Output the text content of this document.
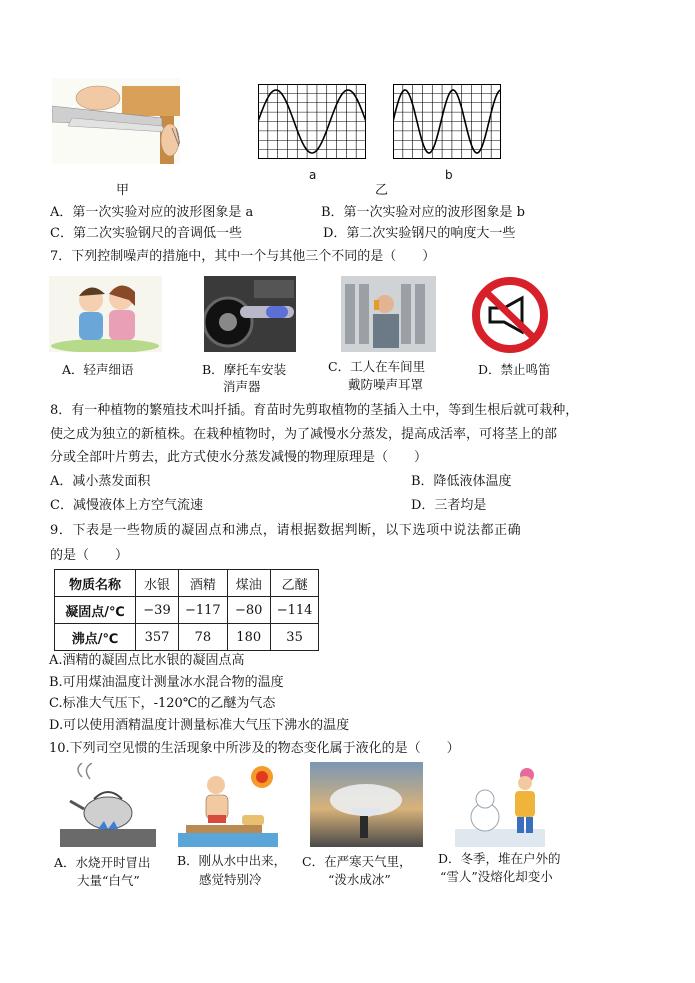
甲
a
乙
b
A．第一次实验对应的波形图象是 a	B．第一次实验对应的波形图象是 b
C．第二次实验钢尺的音调低一些	D．第二次实验钢尺的响度大一些
7．下列控制噪声的措施中，其中一个与其他三个不同的是（　　）
A．轻声细语	B．摩托车安装
消声器
C．工人在车间里
戴防噪声耳罩
D．禁止鸣笛
8．有一种植物的繁殖技术叫扦插。育苗时先剪取植物的茎插入土中，等到生根后就可栽种，
使之成为独立的新植株。在栽种植物时，为了减慢水分蒸发，提高成活率，可将茎上的部
分或全部叶片剪去，此方式使水分蒸发减慢的物理原理是（　　）
A．减小蒸发面积	B．降低液体温度
C．减慢液体上方空气流速	D．三者均是
9．下表是一些物质的凝固点和沸点，请根据数据判断，以下选项中说法都正确
的是（　　）
物质名称	水银	酒精	煤油	乙醚
凝固点/℃	−39	−117	−80	−114
沸点/℃	357	78	180	35
A.酒精的凝固点比水银的凝固点高
B.可用煤油温度计测量冰水混合物的温度
C.标准大气压下，-120℃的乙醚为气态
D.可以使用酒精温度计测量标准大气压下沸水的温度
10.下列司空见惯的生活现象中所涉及的物态变化属于液化的是（　　）
A．水烧开时冒出
大量“白气”
B．刚从水中出来，
感觉特别冷
C．在严寒天气里，
“泼水成冰”
D．冬季，堆在户外的
“雪人”没熔化却变小
